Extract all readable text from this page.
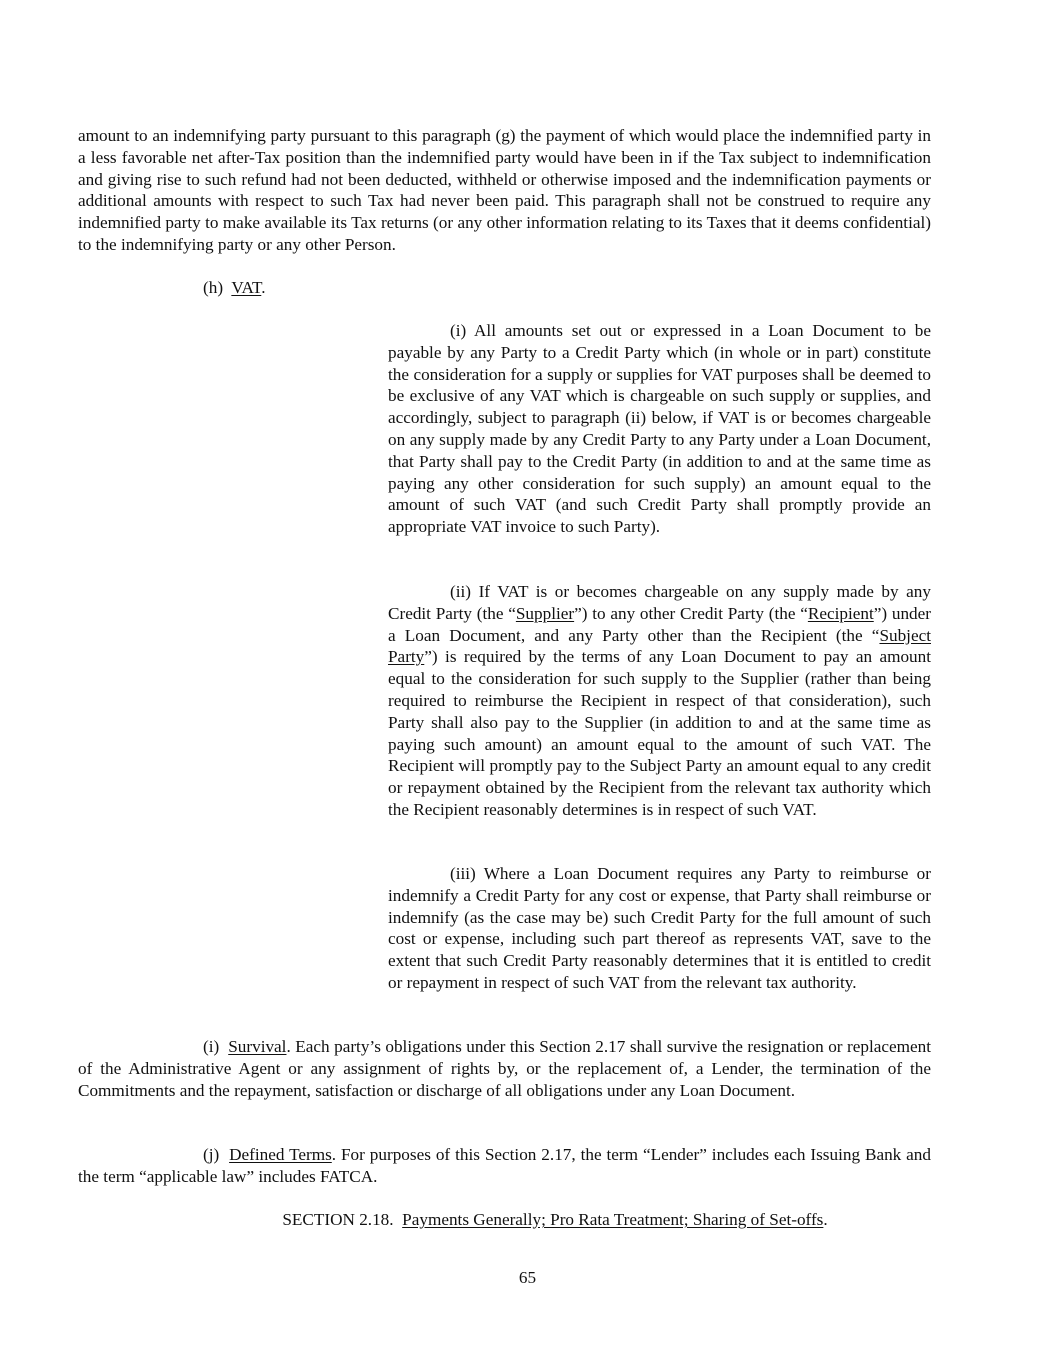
amount to an indemnifying party pursuant to this paragraph (g) the payment of which would place the indemnified party in a less favorable net after-Tax position than the indemnified party would have been in if the Tax subject to indemnification and giving rise to such refund had not been deducted, withheld or otherwise imposed and the indemnification payments or additional amounts with respect to such Tax had never been paid. This paragraph shall not be construed to require any indemnified party to make available its Tax returns (or any other information relating to its Taxes that it deems confidential) to the indemnifying party or any other Person.

(h) VAT.

(i) All amounts set out or expressed in a Loan Document to be payable by any Party to a Credit Party which (in whole or in part) constitute the consideration for a supply or supplies for VAT purposes shall be deemed to be exclusive of any VAT which is chargeable on such supply or supplies, and accordingly, subject to paragraph (ii) below, if VAT is or becomes chargeable on any supply made by any Credit Party to any Party under a Loan Document, that Party shall pay to the Credit Party (in addition to and at the same time as paying any other consideration for such supply) an amount equal to the amount of such VAT (and such Credit Party shall promptly provide an appropriate VAT invoice to such Party).

(ii) If VAT is or becomes chargeable on any supply made by any Credit Party (the “Supplier”) to any other Credit Party (the “Recipient”) under a Loan Document, and any Party other than the Recipient (the “Subject Party”) is required by the terms of any Loan Document to pay an amount equal to the consideration for such supply to the Supplier (rather than being required to reimburse the Recipient in respect of that consideration), such Party shall also pay to the Supplier (in addition to and at the same time as paying such amount) an amount equal to the amount of such VAT. The Recipient will promptly pay to the Subject Party an amount equal to any credit or repayment obtained by the Recipient from the relevant tax authority which the Recipient reasonably determines is in respect of such VAT.

(iii) Where a Loan Document requires any Party to reimburse or indemnify a Credit Party for any cost or expense, that Party shall reimburse or indemnify (as the case may be) such Credit Party for the full amount of such cost or expense, including such part thereof as represents VAT, save to the extent that such Credit Party reasonably determines that it is entitled to credit or repayment in respect of such VAT from the relevant tax authority.

(i) Survival. Each party’s obligations under this Section 2.17 shall survive the resignation or replacement of the Administrative Agent or any assignment of rights by, or the replacement of, a Lender, the termination of the Commitments and the repayment, satisfaction or discharge of all obligations under any Loan Document.

(j) Defined Terms. For purposes of this Section 2.17, the term “Lender” includes each Issuing Bank and the term “applicable law” includes FATCA.

SECTION 2.18. Payments Generally; Pro Rata Treatment; Sharing of Set-offs.

65
